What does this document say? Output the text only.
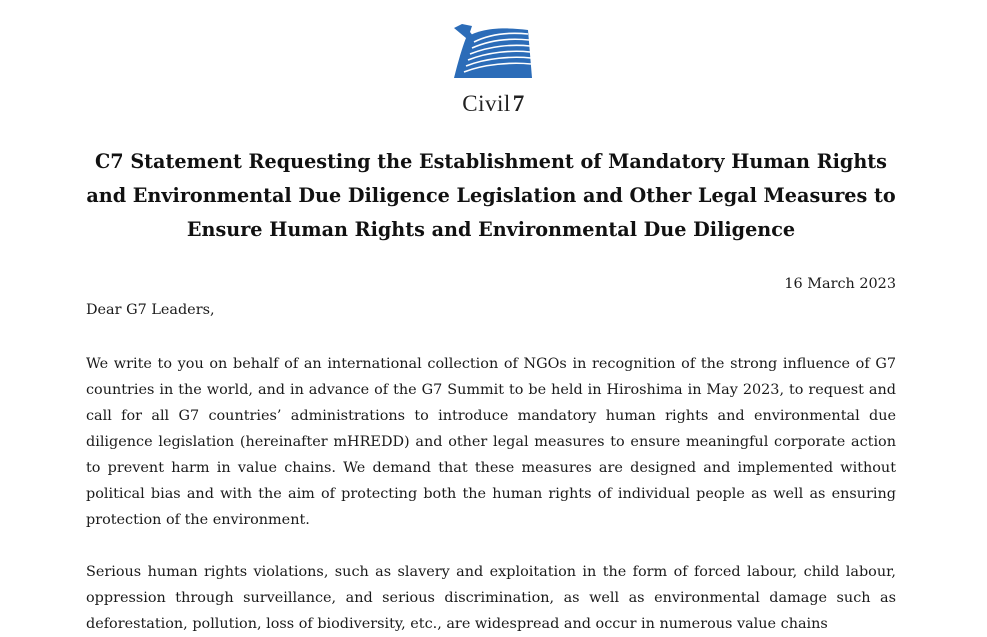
Civil7
C7 Statement Requesting the Establishment of Mandatory Human Rights
and Environmental Due Diligence Legislation and Other Legal Measures to
Ensure Human Rights and Environmental Due Diligence
16 March 2023
Dear G7 Leaders,
We write to you on behalf of an international collection of NGOs in recognition of the strong influence of G7 countries in the world, and in advance of the G7 Summit to be held in Hiroshima in May 2023, to request and call for all G7 countries’ administrations to introduce mandatory human rights and environmental due diligence legislation (hereinafter mHREDD) and other legal measures to ensure meaningful corporate action to prevent harm in value chains. We demand that these measures are designed and implemented without political bias and with the aim of protecting both the human rights of individual people as well as ensuring protection of the environment.
Serious human rights violations, such as slavery and exploitation in the form of forced labour, child labour, oppression through surveillance, and serious discrimination, as well as environmental damage such as deforestation, pollution, loss of biodiversity, etc., are widespread and occur in numerous value chains
